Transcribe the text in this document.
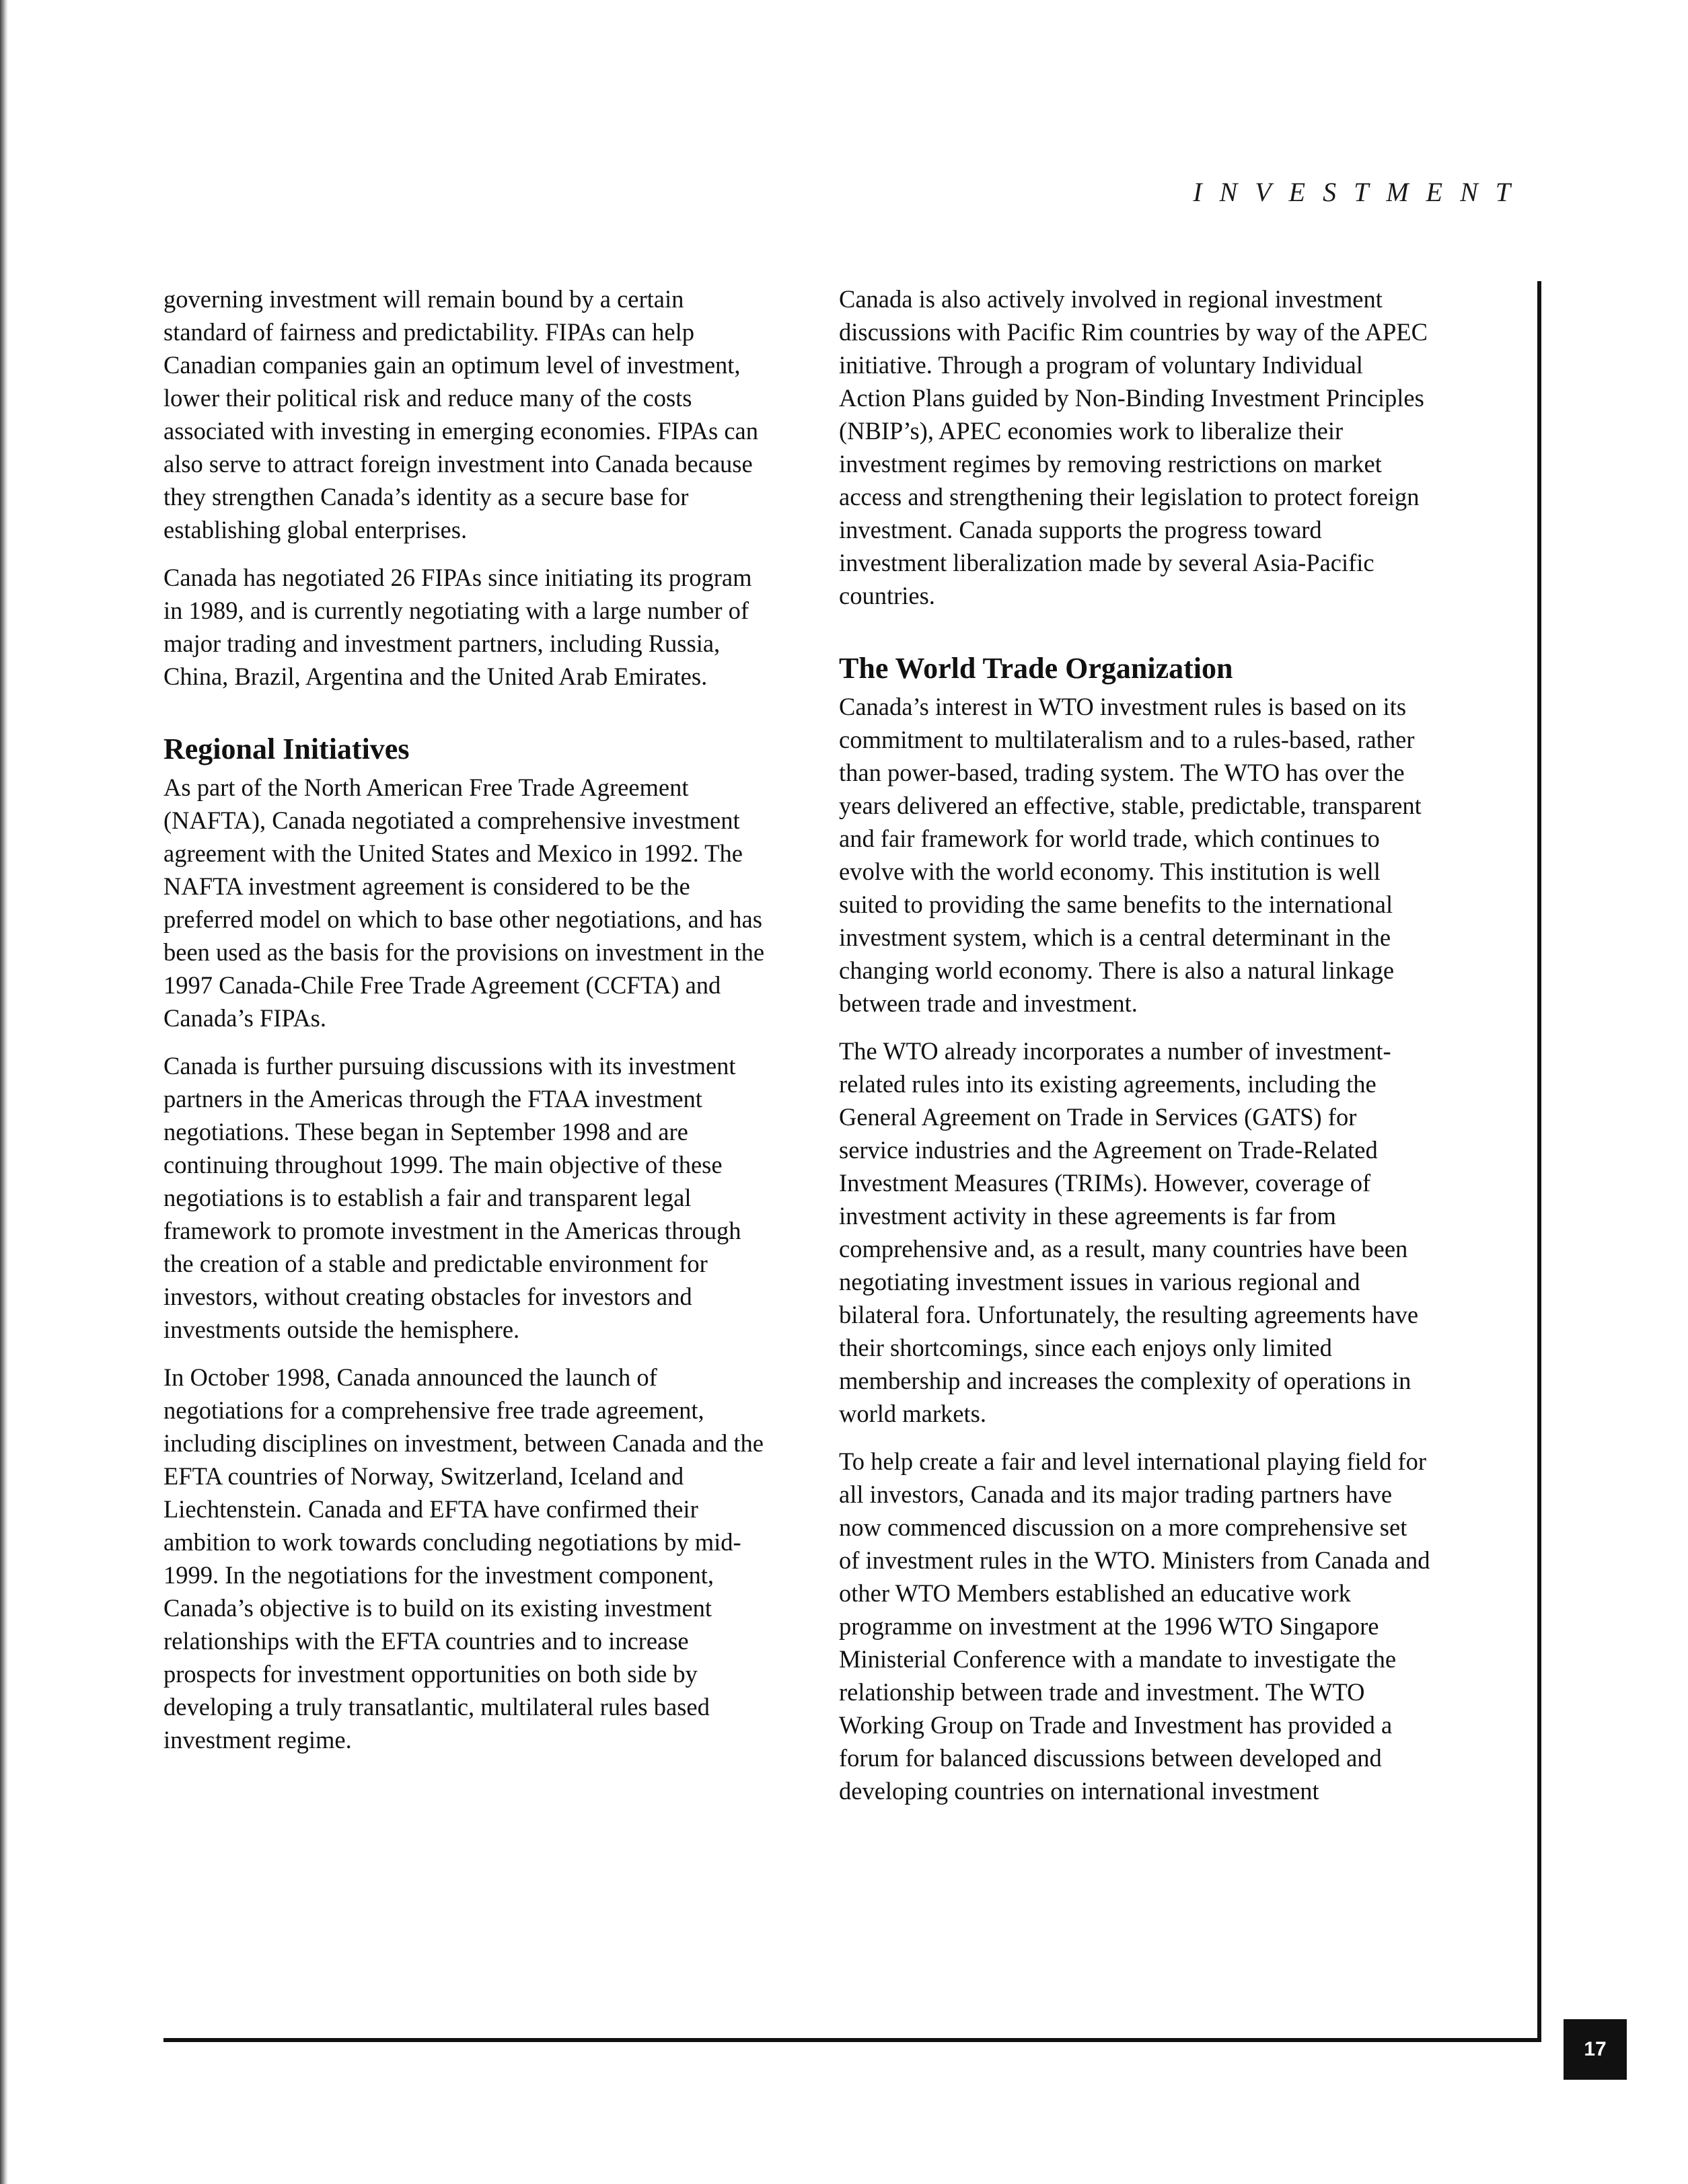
INVESTMENT

governing investment will remain bound by a certain standard of fairness and predictability. FIPAs can help Canadian companies gain an optimum level of investment, lower their political risk and reduce many of the costs associated with investing in emerging economies. FIPAs can also serve to attract foreign investment into Canada because they strengthen Canada’s identity as a secure base for establishing global enterprises.

Canada has negotiated 26 FIPAs since initiating its program in 1989, and is currently negotiating with a large number of major trading and investment partners, including Russia, China, Brazil, Argentina and the United Arab Emirates.

Regional Initiatives

As part of the North American Free Trade Agreement (NAFTA), Canada negotiated a comprehensive investment agreement with the United States and Mexico in 1992. The NAFTA investment agreement is considered to be the preferred model on which to base other negotiations, and has been used as the basis for the provisions on investment in the 1997 Canada-Chile Free Trade Agreement (CCFTA) and Canada’s FIPAs.

Canada is further pursuing discussions with its investment partners in the Americas through the FTAA investment negotiations. These began in September 1998 and are continuing throughout 1999. The main objective of these negotiations is to establish a fair and transparent legal framework to promote investment in the Americas through the creation of a stable and predictable environment for investors, without creating obstacles for investors and investments outside the hemisphere.

In October 1998, Canada announced the launch of negotiations for a comprehensive free trade agreement, including disciplines on investment, between Canada and the EFTA countries of Norway, Switzerland, Iceland and Liechtenstein. Canada and EFTA have confirmed their ambition to work towards concluding negotiations by mid-1999. In the negotiations for the investment component, Canada’s objective is to build on its existing investment relationships with the EFTA countries and to increase prospects for investment opportunities on both side by developing a truly transatlantic, multilateral rules based investment regime.

Canada is also actively involved in regional investment discussions with Pacific Rim countries by way of the APEC initiative. Through a program of voluntary Individual Action Plans guided by Non-Binding Investment Principles (NBIP’s), APEC economies work to liberalize their investment regimes by removing restrictions on market access and strengthening their legislation to protect foreign investment. Canada supports the progress toward investment liberalization made by several Asia-Pacific countries.

The World Trade Organization

Canada’s interest in WTO investment rules is based on its commitment to multilateralism and to a rules-based, rather than power-based, trading system. The WTO has over the years delivered an effective, stable, predictable, transparent and fair framework for world trade, which continues to evolve with the world economy. This institution is well suited to providing the same benefits to the international investment system, which is a central determinant in the changing world economy. There is also a natural linkage between trade and investment.

The WTO already incorporates a number of investment-related rules into its existing agreements, including the General Agreement on Trade in Services (GATS) for service industries and the Agreement on Trade-Related Investment Measures (TRIMs). However, coverage of investment activity in these agreements is far from comprehensive and, as a result, many countries have been negotiating investment issues in various regional and bilateral fora. Unfortunately, the resulting agreements have their shortcomings, since each enjoys only limited membership and increases the complexity of operations in world markets.

To help create a fair and level international playing field for all investors, Canada and its major trading partners have now commenced discussion on a more comprehensive set of investment rules in the WTO. Ministers from Canada and other WTO Members established an educative work programme on investment at the 1996 WTO Singapore Ministerial Conference with a mandate to investigate the relationship between trade and investment. The WTO Working Group on Trade and Investment has provided a forum for balanced discussions between developed and developing countries on international investment

17
